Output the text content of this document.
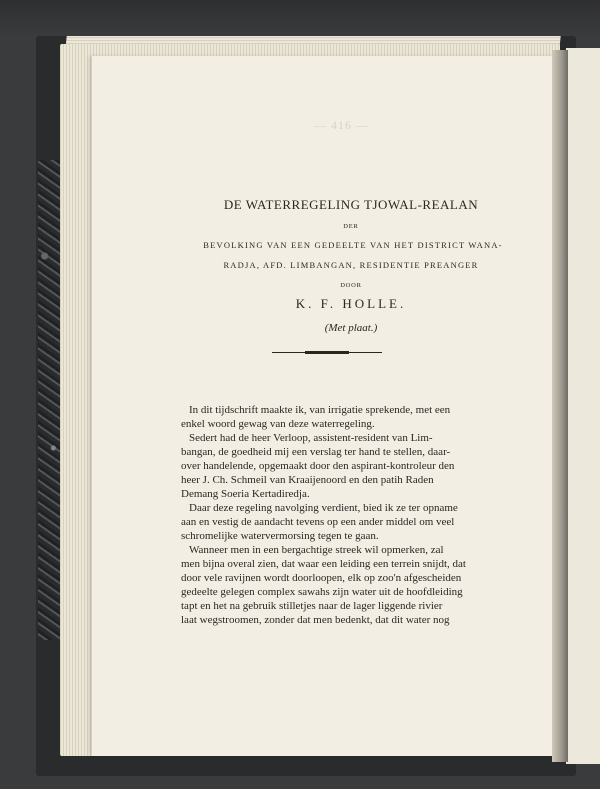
— 416 —
DE WATERREGELING TJOWAL-REALAN
DER
BEVOLKING VAN EEN GEDEELTE VAN HET DISTRICT WANA-
RADJA, AFD. LIMBANGAN, RESIDENTIE PREANGER
DOOR
K. F. HOLLE.
(Met plaat.)
In dit tijdschrift maakte ik, van irrigatie sprekende, met een
enkel woord gewag van deze waterregeling.
Sedert had de heer Verloop, assistent-resident van Lim-
bangan, de goedheid mij een verslag ter hand te stellen, daar-
over handelende, opgemaakt door den aspirant-kontroleur den
heer J. Ch. Schmeil van Kraaijenoord en den patih Raden
Demang Soeria Kertadiredja.
Daar deze regeling navolging verdient, bied ik ze ter opname
aan en vestig de aandacht tevens op een ander middel om veel
schromelijke watervermorsing tegen te gaan.
Wanneer men in een bergachtige streek wil opmerken, zal
men bijna overal zien, dat waar een leiding een terrein snijdt, dat
door vele ravijnen wordt doorloopen, elk op zoo'n afgescheiden
gedeelte gelegen complex sawahs zijn water uit de hoofdleiding
tapt en het na gebruik stilletjes naar de lager liggende rivier
laat wegstroomen, zonder dat men bedenkt, dat dit water nog
